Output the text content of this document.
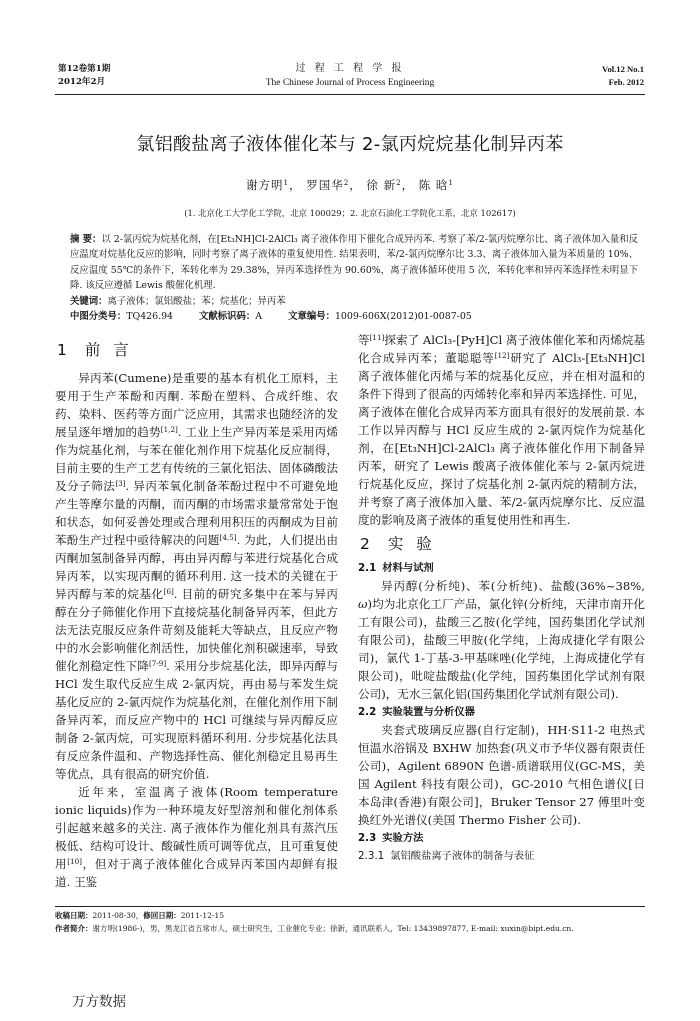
第12卷第1期
2012年2月
过 程 工 程 学 报
The Chinese Journal of Process Engineering
Vol.12 No.1
Feb. 2012
氯铝酸盐离子液体催化苯与 2-氯丙烷烷基化制异丙苯
谢方明$^1$， 罗国华$^2$， 徐 新$^2$， 陈 晗$^1$
(1. 北京化工大学化工学院，北京 100029；2. 北京石油化工学院化工系，北京 102617)

摘 要：以 2-氯丙烷为烷基化剂，在[Et₃NH]Cl-2AlCl₃ 离子液体作用下催化合成异丙苯. 考察了苯/2-氯丙烷摩尔比、离子液体加入量和反应温度对烷基化反应的影响，同时考察了离子液体的重复使用性. 结果表明，苯/2-氯丙烷摩尔比 3.3、离子液体加入量为苯质量的 10%、反应温度 55℃的条件下，苯转化率为 29.38%，异丙苯选择性为 90.60%，离子液体循环使用 5 次，苯转化率和异丙苯选择性未明显下降. 该反应遵循 Lewis 酸催化机理.

关键词：离子液体；氯铝酸盐；苯；烷基化；异丙苯

中图分类号：TQ426.94	文献标识码：A	文章编号：1009-606X(2012)01-0087-05

1 前 言

异丙苯(Cumene)是重要的基本有机化工原料，主要用于生产苯酚和丙酮. 苯酚在塑料、合成纤维、农药、染料、医药等方面广泛应用，其需求也随经济的发展呈逐年增加的趋势[1,2]. 工业上生产异丙苯是采用丙烯作为烷基化剂，与苯在催化剂作用下烷基化反应制得，目前主要的生产工艺有传统的三氯化铝法、固体磷酸法及分子筛法[3]. 异丙苯氧化制备苯酚过程中不可避免地产生等摩尔量的丙酮，而丙酮的市场需求量常常处于饱和状态，如何妥善处理或合理利用积压的丙酮成为目前苯酚生产过程中亟待解决的问题[4,5]. 为此，人们提出由丙酮加氢制备异丙醇，再由异丙醇与苯进行烷基化合成异丙苯，以实现丙酮的循环利用. 这一技术的关键在于异丙醇与苯的烷基化[6]. 目前的研究多集中在苯与异丙醇在分子筛催化作用下直接烷基化制备异丙苯，但此方法无法克服反应条件苛刻及能耗大等缺点，且反应产物中的水会影响催化剂活性，加快催化剂积碳速率，导致催化剂稳定性下降[7-9]. 采用分步烷基化法，即异丙醇与 HCl 发生取代反应生成 2-氯丙烷，再由易与苯发生烷基化反应的 2-氯丙烷作为烷基化剂，在催化剂作用下制备异丙苯，而反应产物中的 HCl 可继续与异丙醇反应制备 2-氯丙烷，可实现原料循环利用. 分步烷基化法具有反应条件温和、产物选择性高、催化剂稳定且易再生等优点，具有很高的研究价值.

近年来，室温离子液体(Room temperature ionic liquids)作为一种环境友好型溶剂和催化剂体系引起越来越多的关注. 离子液体作为催化剂具有蒸汽压极低、结构可设计、酸碱性质可调等优点，且可重复使用[10]，但对于离子液体催化合成异丙苯国内却鲜有报道. 王鉴

等[11]探索了 AlCl₃-[PyH]Cl 离子液体催化苯和丙烯烷基化合成异丙苯；董聪聪等[12]研究了 AlCl₃-[Et₃NH]Cl 离子液体催化丙烯与苯的烷基化反应，并在相对温和的条件下得到了很高的丙烯转化率和异丙苯选择性. 可见，离子液体在催化合成异丙苯方面具有很好的发展前景. 本工作以异丙醇与 HCl 反应生成的 2-氯丙烷作为烷基化剂，在[Et₃NH]Cl-2AlCl₃ 离子液体催化作用下制备异丙苯，研究了 Lewis 酸离子液体催化苯与 2-氯丙烷进行烷基化反应，探讨了烷基化剂 2-氯丙烷的精制方法，并考察了离子液体加入量、苯/2-氯丙烷摩尔比、反应温度的影响及离子液体的重复使用性和再生.

2 实 验
2.1 材料与试剂

异丙醇(分析纯)、苯(分析纯)、盐酸(36%~38%, ω)均为北京化工厂产品，氯化锌(分析纯，天津市南开化工有限公司)，盐酸三乙胺(化学纯，国药集团化学试剂有限公司)，盐酸三甲胺(化学纯，上海成捷化学有限公司)，氯代 1-丁基-3-甲基咪唑(化学纯，上海成捷化学有限公司)，吡啶盐酸盐(化学纯，国药集团化学试剂有限公司)，无水三氯化铝(国药集团化学试剂有限公司).

2.2 实验装置与分析仪器

夹套式玻璃反应器(自行定制)，HH·S11-2 电热式恒温水浴锅及 BXHW 加热套(巩义市予华仪器有限责任公司)，Agilent 6890N 色谱-质谱联用仪(GC-MS，美国 Agilent 科技有限公司)，GC-2010 气相色谱仪[日本岛津(香港)有限公司]，Bruker Tensor 27 傅里叶变换红外光谱仪(美国 Thermo Fisher 公司).

2.3 实验方法
2.3.1 氯铝酸盐离子液体的制备与表征
收稿日期：2011-08-30，修回日期：2011-12-15
作者简介：谢方明(1986-)，男，黑龙江省五常市人，硕士研究生，工业催化专业；徐新，通讯联系人，Tel: 13439897877, E-mail: xuxin@bipt.edu.cn.
万方数据
